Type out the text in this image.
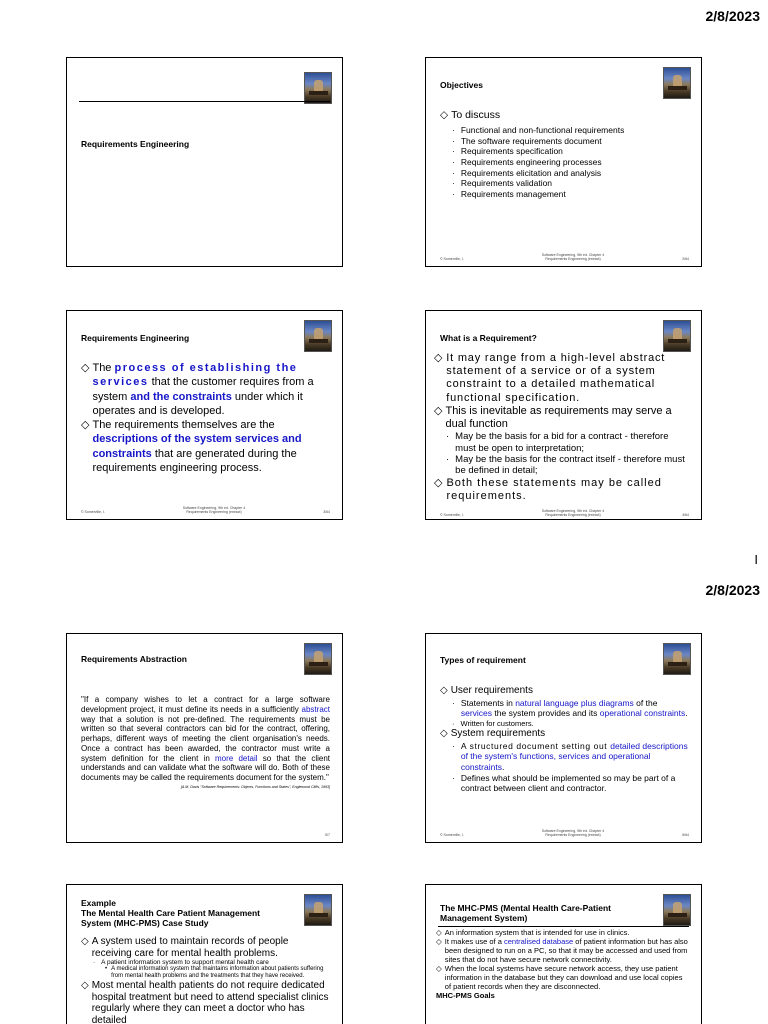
2/8/2023
I
2/8/2023
Requirements Engineering
Objectives
◇ To discuss
· Functional and non-functional requirements
· The software requirements document
· Requirements specification
· Requirements engineering processes
· Requirements elicitation and analysis
· Requirements validation
· Requirements management
© Somerville, I.
Software Engineering, 9th ed. Chapter 4
Requirements Engineering (extract)	2/64
Requirements Engineering
◇ The process of establishing the services that the customer requires from a system and the constraints under which it operates and is developed.
◇ The requirements themselves are the descriptions of the system services and constraints that are generated during the requirements engineering process.
© Somerville, I.
Software Engineering, 9th ed. Chapter 4
Requirements Engineering (extract)	3/64
What is a Requirement?
◇ It may range from a high-level abstract statement of a service or of a system constraint to a detailed mathematical functional specification.
◇ This is inevitable as requirements may serve a dual function
· May be the basis for a bid for a contract - therefore must be open to interpretation;
· May be the basis for the contract itself - therefore must be defined in detail;
◇ Both these statements may be called requirements.
© Somerville, I.
Software Engineering, 9th ed. Chapter 4
Requirements Engineering (extract)	4/64
Requirements Abstraction
"If a company wishes to let a contract for a large software development project, it must define its needs in a sufficiently abstract way that a solution is not pre-defined. The requirements must be written so that several contractors can bid for the contract, offering, perhaps, different ways of meeting the client organisation's needs. Once a contract has been awarded, the contractor must write a system definition for the client in more detail so that the client understands and can validate what the software will do. Both of these documents may be called the requirements document for the system."
[A.M. Davis "Software Requirements: Objects, Functions and States", Englewood Cliffs, 1993]
5/7
Types of requirement
◇ User requirements
· Statements in natural language plus diagrams of the services the system provides and its operational constraints.
· Written for customers.
◇ System requirements
· A structured document setting out detailed descriptions of the system's functions, services and operational constraints.
· Defines what should be implemented so may be part of a contract between client and contractor.
© Somerville, I.
Software Engineering, 9th ed. Chapter 4
Requirements Engineering (extract)	6/64
Example
The Mental Health Care Patient Management System (MHC-PMS) Case Study
◇ A system used to maintain records of people receiving care for mental health problems.
· A patient information system to support mental health care
• A medical information system that maintains information about patients suffering from mental health problems and the treatments that they have received.
◇ Most mental health patients do not require dedicated hospital treatment but need to attend specialist clinics regularly where they can meet a doctor who has detailed
The MHC-PMS (Mental Health Care-Patient Management System)
◇ An information system that is intended for use in clinics.
◇ It makes use of a centralised database of patient information but has also been designed to run on a PC, so that it may be accessed and used from sites that do not have secure network connectivity.
◇ When the local systems have secure network access, they use patient information in the database but they can download and use local copies of patient records when they are disconnected.
MHC-PMS Goals
